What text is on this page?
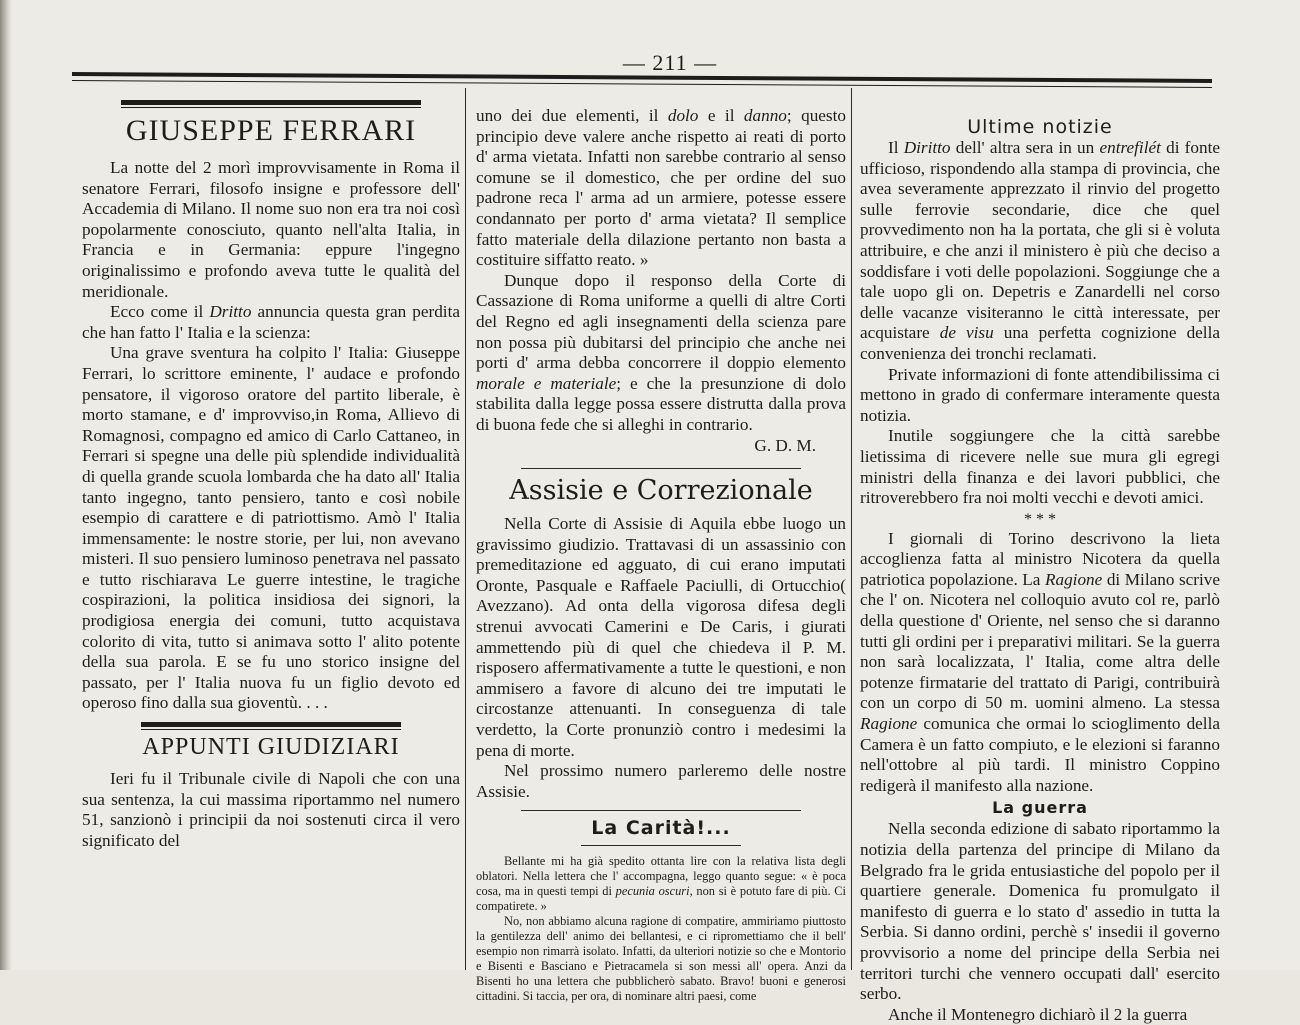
— 211 —
GIUSEPPE FERRARI

La notte del 2 morì improvvisamente in Roma il senatore Ferrari, filosofo insigne e professore dell' Accademia di Milano. Il nome suo non era tra noi così popolarmente conosciuto, quanto nell'alta Italia, in Francia e in Germania: eppure l'ingegno originalissimo e profondo aveva tutte le qualità del meridionale.

Ecco come il Dritto annuncia questa gran perdita che han fatto l' Italia e la scienza:

Una grave sventura ha colpito l' Italia: Giuseppe Ferrari, lo scrittore eminente, l' audace e profondo pensatore, il vigoroso oratore del partito liberale, è morto stamane, e d' improvviso,in Roma, Allievo di Romagnosi, compagno ed amico di Carlo Cattaneo, in Ferrari si spegne una delle più splendide individualità di quella grande scuola lombarda che ha dato all' Italia tanto ingegno, tanto pensiero, tanto e così nobile esempio di carattere e di patriottismo. Amò l' Italia immensamente: le nostre storie, per lui, non avevano misteri. Il suo pensiero luminoso penetrava nel passato e tutto rischiarava Le guerre intestine, le tragiche cospirazioni, la politica insidiosa dei signori, la prodigiosa energia dei comuni, tutto acquistava colorito di vita, tutto si animava sotto l' alito potente della sua parola. E se fu uno storico insigne del passato, per l' Italia nuova fu un figlio devoto ed operoso fino dalla sua gioventù. . . .

APPUNTI GIUDIZIARI

Ieri fu il Tribunale civile di Napoli che con una sua sentenza, la cui massima riportammo nel numero 51, sanzionò i principii da noi sostenuti circa il vero significato del

uno dei due elementi, il dolo e il danno; questo principio deve valere anche rispetto ai reati di porto d' arma vietata. Infatti non sarebbe contrario al senso comune se il domestico, che per ordine del suo padrone reca l' arma ad un armiere, potesse essere condannato per porto d' arma vietata? Il semplice fatto materiale della dilazione pertanto non basta a costituire siffatto reato. »

Dunque dopo il responso della Corte di Cassazione di Roma uniforme a quelli di altre Corti del Regno ed agli insegnamenti della scienza pare non possa più dubitarsi del principio che anche nei porti d' arma debba concorrere il doppio elemento morale e materiale; e che la presunzione di dolo stabilita dalla legge possa essere distrutta dalla prova di buona fede che si alleghi in contrario.

G. D. M.

Assisie e Correzionale

Nella Corte di Assisie di Aquila ebbe luogo un gravissimo giudizio. Trattavasi di un assassinio con premeditazione ed agguato, di cui erano imputati Oronte, Pasquale e Raffaele Paciulli, di Ortucchio( Avezzano). Ad onta della vigorosa difesa degli strenui avvocati Camerini e De Caris, i giurati ammettendo più di quel che chiedeva il P. M. risposero affermativamente a tutte le questioni, e non ammisero a favore di alcuno dei tre imputati le circostanze attenuanti. In conseguenza di tale verdetto, la Corte pronunziò contro i medesimi la pena di morte.

Nel prossimo numero parleremo delle nostre Assisie.

La Carità!...

Bellante mi ha già spedito ottanta lire con la relativa lista degli oblatori. Nella lettera che l' accompagna, leggo quanto segue: « è poca cosa, ma in questi tempi di pecunia oscuri, non si è potuto fare di più. Ci compatirete. »

No, non abbiamo alcuna ragione di compatire, ammiriamo piuttosto la gentilezza dell' animo dei bellantesi, e ci ripromettiamo che il bell' esempio non rimarrà isolato. Infatti, da ulteriori notizie so che e Montorio e Bisenti e Basciano e Pietracamela si son messi all' opera. Anzi da Bisenti ho una lettera che pubblicherò sabato. Bravo! buoni e generosi cittadini. Si taccia, per ora, di nominare altri paesi, come

Ultime notizie

Il Diritto dell' altra sera in un entrefilét di fonte ufficioso, rispondendo alla stampa di provincia, che avea severamente apprezzato il rinvio del progetto sulle ferrovie secondarie, dice che quel provvedimento non ha la portata, che gli si è voluta attribuire, e che anzi il ministero è più che deciso a soddisfare i voti delle popolazioni. Soggiunge che a tale uopo gli on. Depetris e Zanardelli nel corso delle vacanze visiteranno le città interessate, per acquistare de visu una perfetta cognizione della convenienza dei tronchi reclamati.

Private informazioni di fonte attendibilissima ci mettono in grado di confermare interamente questa notizia.

Inutile soggiungere che la città sarebbe lietissima di ricevere nelle sue mura gli egregi ministri della finanza e dei lavori pubblici, che ritroverebbero fra noi molti vecchi e devoti amici.

* * *

I giornali di Torino descrivono la lieta accoglienza fatta al ministro Nicotera da quella patriotica popolazione. La Ragione di Milano scrive che l' on. Nicotera nel colloquio avuto col re, parlò della questione d' Oriente, nel senso che si daranno tutti gli ordini per i preparativi militari. Se la guerra non sarà localizzata, l' Italia, come altra delle potenze firmatarie del trattato di Parigi, contribuirà con un corpo di 50 m. uomini almeno. La stessa Ragione comunica che ormai lo scioglimento della Camera è un fatto compiuto, e le elezioni si faranno nell'ottobre al più tardi. Il ministro Coppino redigerà il manifesto alla nazione.

La guerra

Nella seconda edizione di sabato riportammo la notizia della partenza del principe di Milano da Belgrado fra le grida entusiastiche del popolo per il quartiere generale. Domenica fu promulgato il manifesto di guerra e lo stato d' assedio in tutta la Serbia. Si danno ordini, perchè s' insedii il governo provvisorio a nome del principe della Serbia nei territori turchi che vennero occupati dall' esercito serbo.

Anche il Montenegro dichiarò il 2 la guerra
